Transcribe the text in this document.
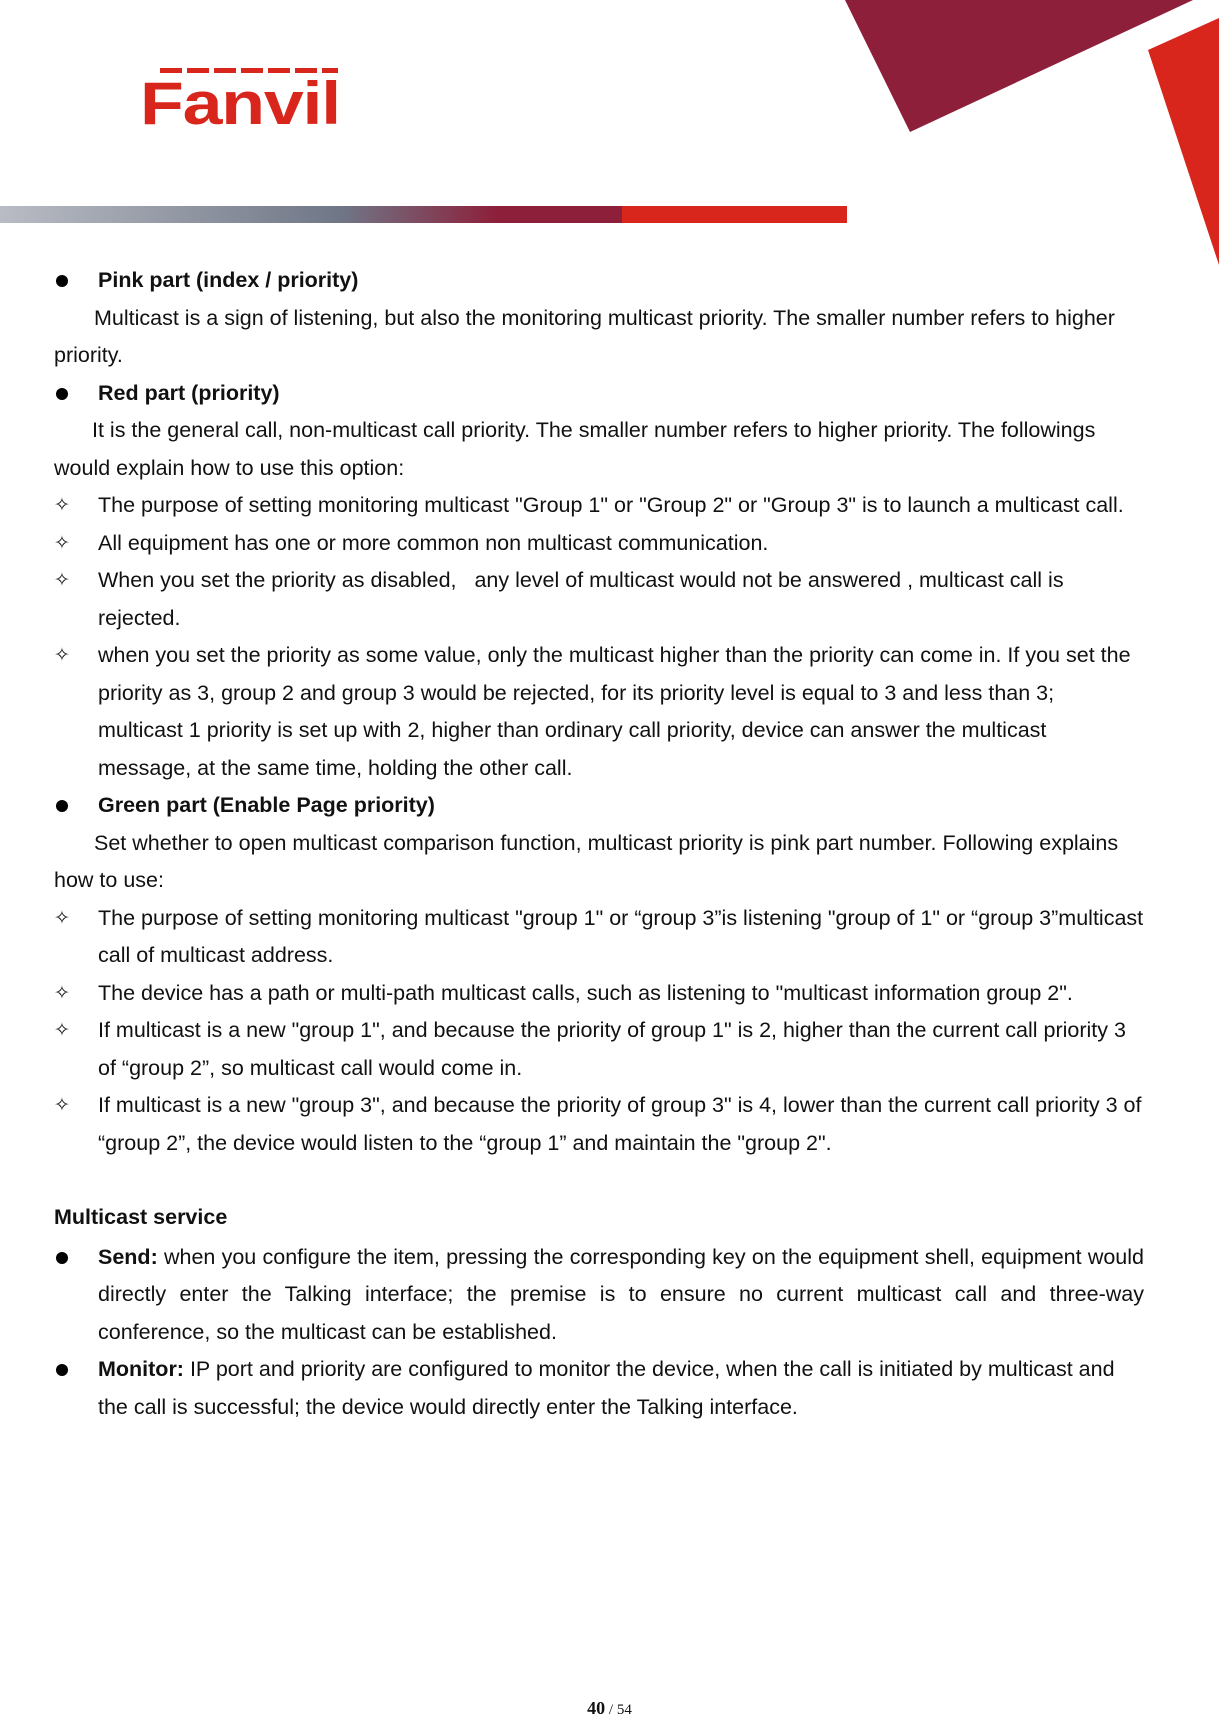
Fanvil
Pink part (index / priority)
Multicast is a sign of listening, but also the monitoring multicast priority. The smaller number refers to higher priority.
Red part (priority)
It is the general call, non-multicast call priority. The smaller number refers to higher priority. The followings would explain how to use this option:
✧ The purpose of setting monitoring multicast "Group 1" or "Group 2" or "Group 3" is to launch a multicast call.
✧ All equipment has one or more common non multicast communication.
✧ When you set the priority as disabled,   any level of multicast would not be answered , multicast call is rejected.
✧ when you set the priority as some value, only the multicast higher than the priority can come in. If you set the priority as 3, group 2 and group 3 would be rejected, for its priority level is equal to 3 and less than 3; multicast 1 priority is set up with 2, higher than ordinary call priority, device can answer the multicast message, at the same time, holding the other call.
Green part (Enable Page priority)
Set whether to open multicast comparison function, multicast priority is pink part number. Following explains how to use:
✧ The purpose of setting monitoring multicast "group 1" or “group 3”is listening "group of 1" or “group 3”multicast call of multicast address.
✧ The device has a path or multi-path multicast calls, such as listening to "multicast information group 2".
✧ If multicast is a new "group 1", and because the priority of group 1" is 2, higher than the current call priority 3 of “group 2”, so multicast call would come in.
✧ If multicast is a new "group 3", and because the priority of group 3" is 4, lower than the current call priority 3 of “group 2”, the device would listen to the “group 1” and maintain the "group 2".
Multicast service
Send: when you configure the item, pressing the corresponding key on the equipment shell, equipment would directly enter the Talking interface; the premise is to ensure no current multicast call and three-way conference, so the multicast can be established.
Monitor: IP port and priority are configured to monitor the device, when the call is initiated by multicast and the call is successful; the device would directly enter the Talking interface.
40 / 54
